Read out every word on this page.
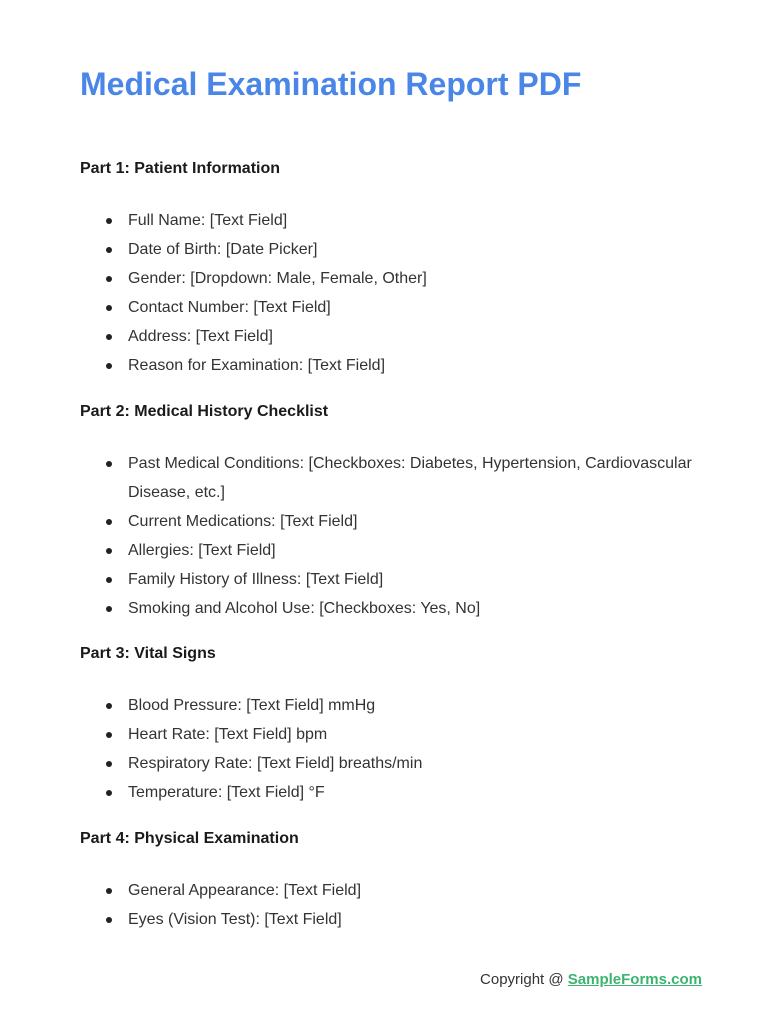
Medical Examination Report PDF
Part 1: Patient Information
Full Name: [Text Field]
Date of Birth: [Date Picker]
Gender: [Dropdown: Male, Female, Other]
Contact Number: [Text Field]
Address: [Text Field]
Reason for Examination: [Text Field]
Part 2: Medical History Checklist
Past Medical Conditions: [Checkboxes: Diabetes, Hypertension, Cardiovascular Disease, etc.]
Current Medications: [Text Field]
Allergies: [Text Field]
Family History of Illness: [Text Field]
Smoking and Alcohol Use: [Checkboxes: Yes, No]
Part 3: Vital Signs
Blood Pressure: [Text Field] mmHg
Heart Rate: [Text Field] bpm
Respiratory Rate: [Text Field] breaths/min
Temperature: [Text Field] °F
Part 4: Physical Examination
General Appearance: [Text Field]
Eyes (Vision Test): [Text Field]
Copyright @ SampleForms.com
